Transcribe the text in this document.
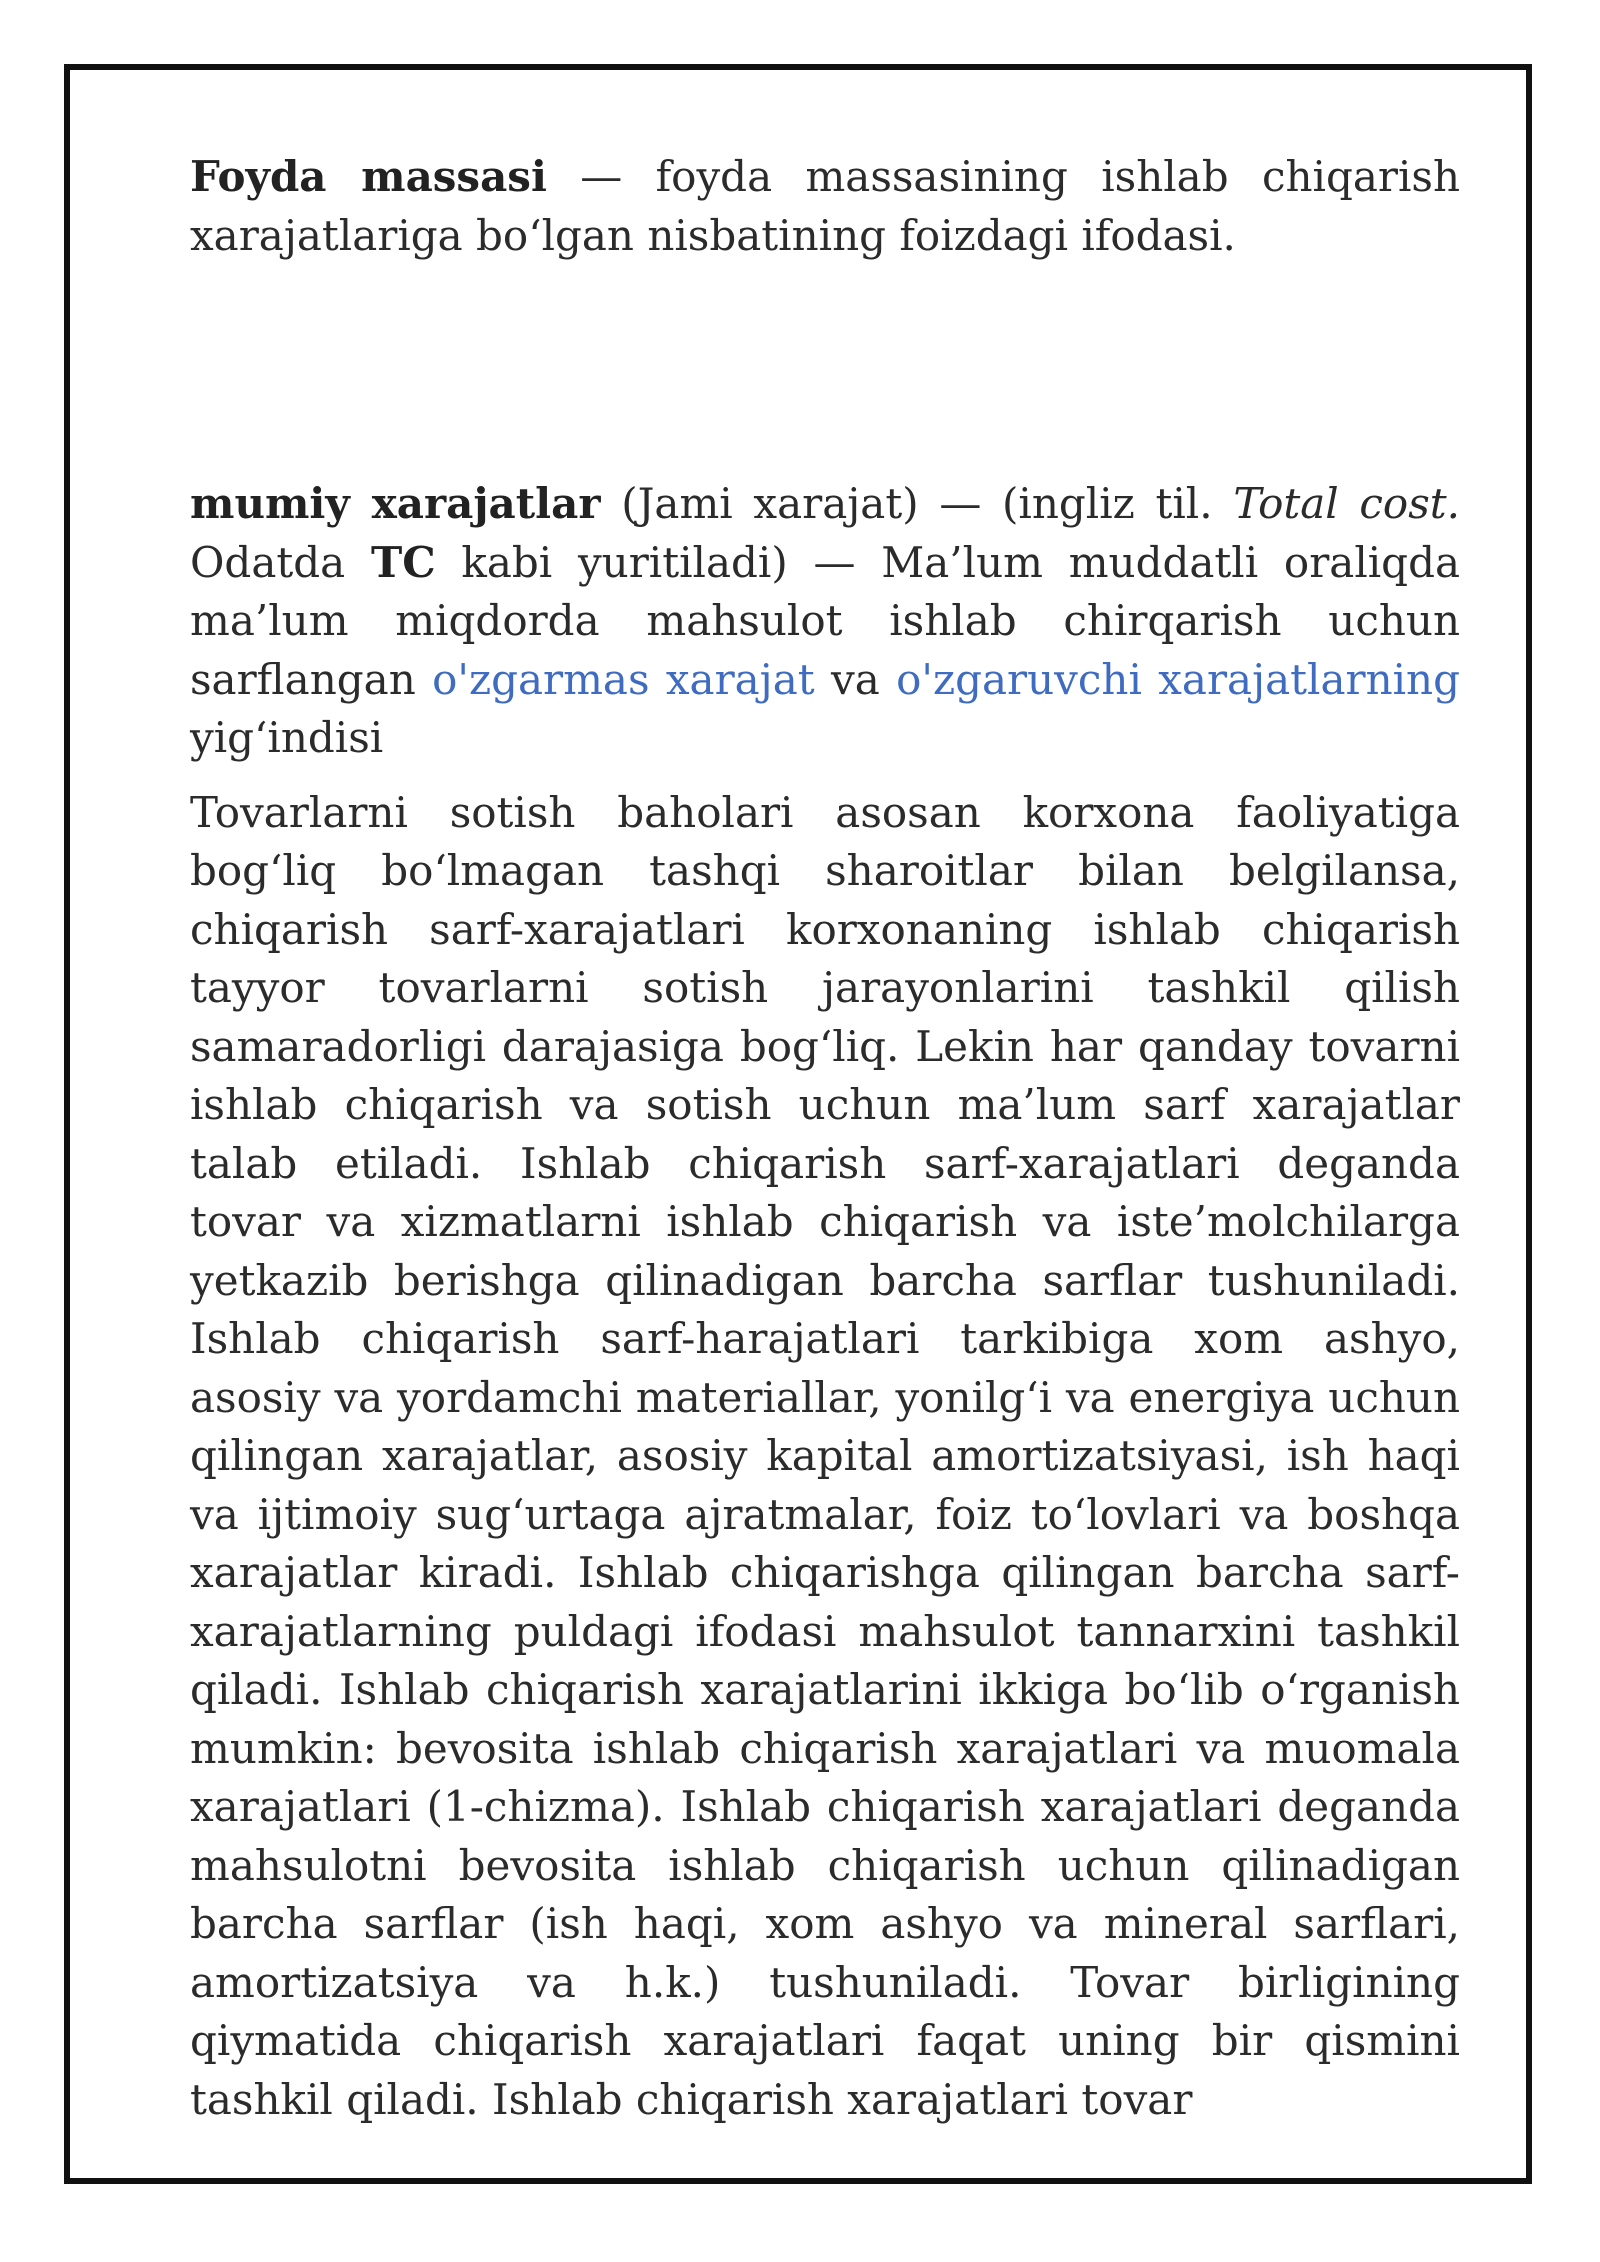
Foyda massasi — foyda massasining ishlab chiqarish xarajatlariga bo‘lgan nisbatining foizdagi ifodasi.

mumiy xarajatlar (Jami xarajat) — (ingliz til. Total cost. Odatda TC kabi yuritiladi) — Ma’lum muddatli oraliqda ma’lum miqdorda mahsulot ishlab chirqarish uchun sarflangan o'zgarmas xarajat va o'zgaruvchi xarajatlarning yig‘indisi

Tovarlarni sotish baholari asosan korxona faoliyatiga bog‘liq bo‘lmagan tashqi sharoitlar bilan belgilansa, chiqarish sarf-xarajatlari korxonaning ishlab chiqarish tayyor tovarlarni sotish jarayonlarini tashkil qilish samaradorligi darajasiga bog‘liq. Lekin har qanday tovarni ishlab chiqarish va sotish uchun ma’lum sarf xarajatlar talab etiladi. Ishlab chiqarish sarf-xarajatlari deganda tovar va xizmatlarni ishlab chiqarish va iste’molchilarga yetkazib berishga qilinadigan barcha sarflar tushuniladi. Ishlab chiqarish sarf-harajatlari tarkibiga xom ashyo, asosiy va yordamchi materiallar, yonilg‘i va energiya uchun qilingan xarajatlar, asosiy kapital amortizatsiyasi, ish haqi va ijtimoiy sug‘urtaga ajratmalar, foiz to‘lovlari va boshqa xarajatlar kiradi. Ishlab chiqarishga qilingan barcha sarf-xarajatlarning puldagi ifodasi mahsulot tannarxini tashkil qiladi. Ishlab chiqarish xarajatlarini ikkiga bo‘lib o‘rganish mumkin: bevosita ishlab chiqarish xarajatlari va muomala xarajatlari (1-chizma). Ishlab chiqarish xarajatlari deganda mahsulotni bevosita ishlab chiqarish uchun qilinadigan barcha sarflar (ish haqi, xom ashyo va mineral sarflari, amortizatsiya va h.k.) tushuniladi. Tovar birligining qiymatida chiqarish xarajatlari faqat uning bir qismini tashkil qiladi. Ishlab chiqarish xarajatlari tovar
